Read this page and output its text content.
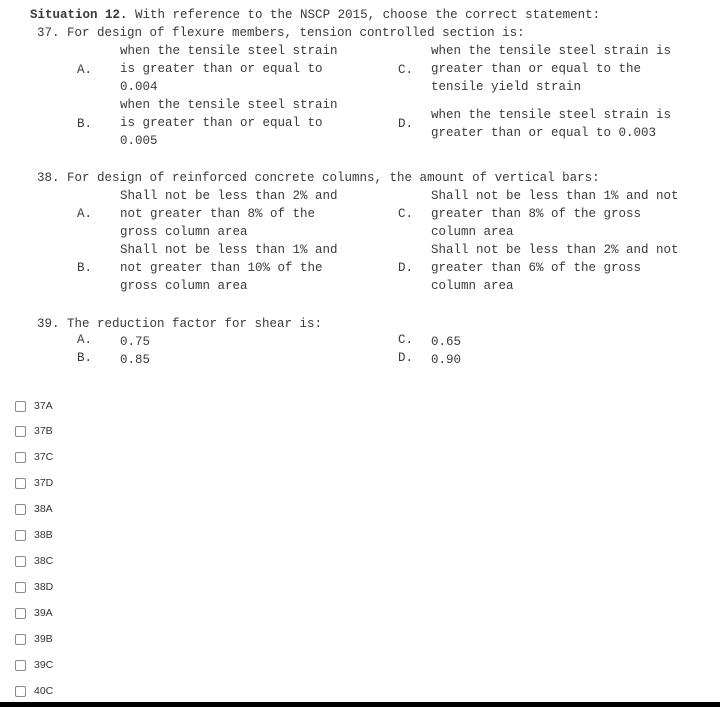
Situation 12. With reference to the NSCP 2015, choose the correct statement:
37. For design of flexure members, tension controlled section is:
A.
when the tensile steel strain
is greater than or equal to
0.004
B.
when the tensile steel strain
is greater than or equal to
0.005
C.
when the tensile steel strain is
greater than or equal to the
tensile yield strain
D.
when the tensile steel strain is
greater than or equal to 0.003
38. For design of reinforced concrete columns, the amount of vertical bars:
A.
Shall not be less than 2% and
not greater than 8% of the
gross column area
B.
Shall not be less than 1% and
not greater than 10% of the
gross column area
C.
Shall not be less than 1% and not
greater than 8% of the gross
column area
D.
Shall not be less than 2% and not
greater than 6% of the gross
column area
39. The reduction factor for shear is:
A. 0.75
B. 0.85
C. 0.65
D. 0.90
37A
37B
37C
37D
38A
38B
38C
38D
39A
39B
39C
40C
